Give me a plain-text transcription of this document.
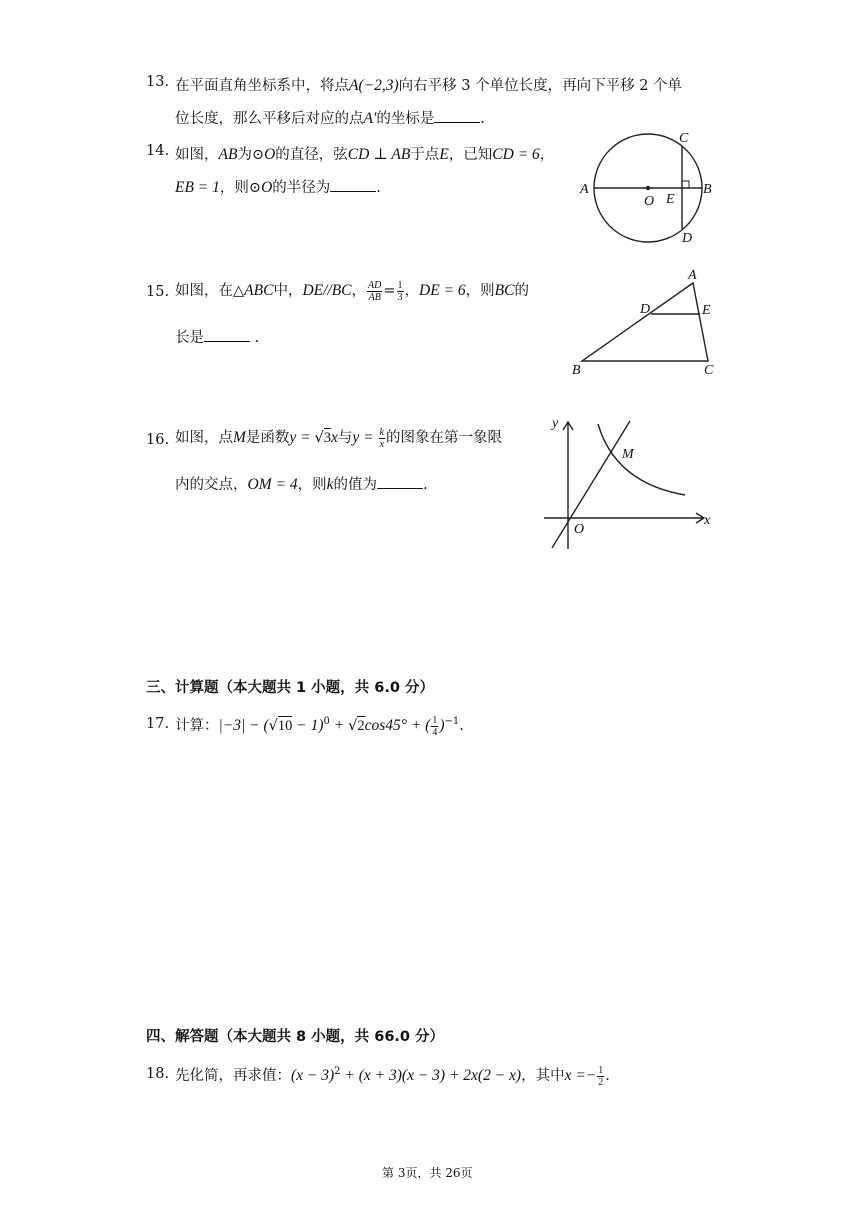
13. 在平面直角坐标系中，将点A(−2,3)向右平移 3 个单位长度，再向下平移 2 个单
位长度，那么平移后对应的点A′的坐标是	.
14. 如图，AB为⊙O的直径，弦CD ⊥ AB于点E，已知CD = 6，
EB = 1，则⊙O的半径为	.	A	B
C
D
E
O
15. 如图，在△ABC中，DE//BC， $\frac{AD}{AB} = \frac{1}{3}$ ，DE = 6，则BC的
长是	.
A
B	C
D	E
16. 如图，点M是函数y = √3x与$y = \frac{k}{x}$ 的图象在第一象限
内的交点，OM = 4，则k的值为	.
y
x
M
O
三、计算题（本大题共 1 小题，共 6.0 分）
17. 计算：$|-3| - (√10 - 1)^0 + √2\cos 45^\circ$ + ( $\frac{1}{4} )^{-1}$.
四、解答题（本大题共 8 小题，共 66.0 分）
18. 先化简，再求值：$(x - 3)^2 + (x + 3)(x - 3) + 2x(2 - x)$，其中$x =- \frac{1}{2}$ .
第 3页，共 26页
